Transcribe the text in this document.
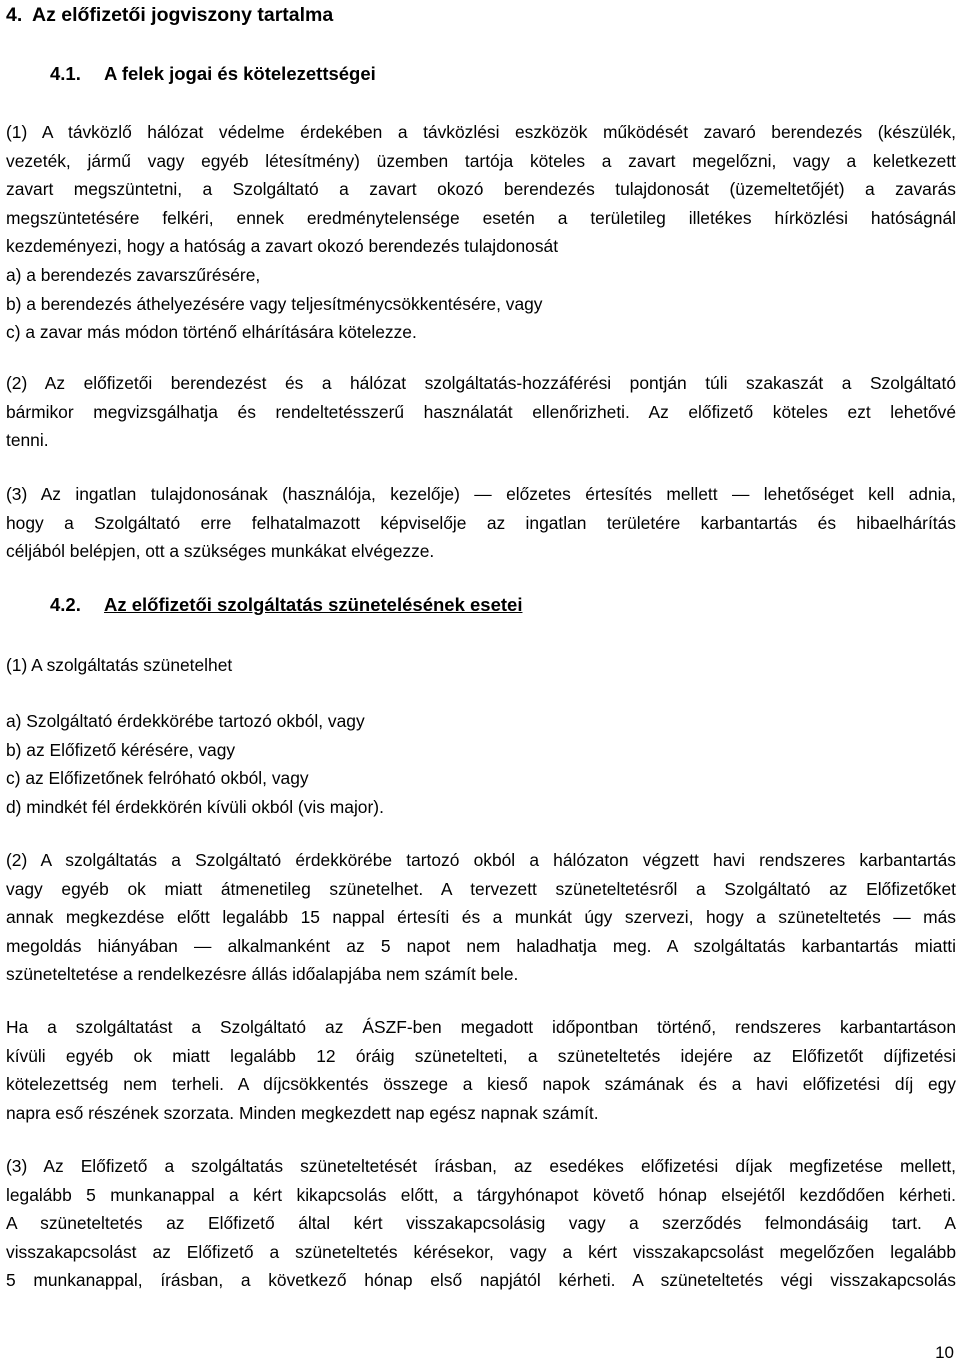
4. Az előfizetői jogviszony tartalma
4.1. A felek jogai és kötelezettségei
(1) A távközlő hálózat védelme érdekében a távközlési eszközök működését zavaró berendezés (készülék,
vezeték, jármű vagy egyéb létesítmény) üzemben tartója köteles a zavart megelőzni, vagy a keletkezett
zavart megszüntetni, a Szolgáltató a zavart okozó berendezés tulajdonosát (üzemeltetőjét) a zavarás
megszüntetésére felkéri, ennek eredménytelensége esetén a területileg illetékes hírközlési hatóságnál
kezdeményezi, hogy a hatóság a zavart okozó berendezés tulajdonosát
a) a berendezés zavarszűrésére,
b) a berendezés áthelyezésére vagy teljesítménycsökkentésére, vagy
c) a zavar más módon történő elhárítására kötelezze.
(2) Az előfizetői berendezést és a hálózat szolgáltatás-hozzáférési pontján túli szakaszát a Szolgáltató
bármikor megvizsgálhatja és rendeltetésszerű használatát ellenőrizheti. Az előfizető köteles ezt lehetővé
tenni.
(3) Az ingatlan tulajdonosának (használója, kezelője) — előzetes értesítés mellett — lehetőséget kell adnia,
hogy a Szolgáltató erre felhatalmazott képviselője az ingatlan területére karbantartás és hibaelhárítás
céljából belépjen, ott a szükséges munkákat elvégezze.
4.2. Az előfizetői szolgáltatás szünetelésének esetei
(1) A szolgáltatás szünetelhet
a) Szolgáltató érdekkörébe tartozó okból, vagy
b) az Előfizető kérésére, vagy
c) az Előfizetőnek felróható okból, vagy
d) mindkét fél érdekkörén kívüli okból (vis major).
(2) A szolgáltatás a Szolgáltató érdekkörébe tartozó okból a hálózaton végzett havi rendszeres karbantartás
vagy egyéb ok miatt átmenetileg szünetelhet. A tervezett szüneteltetésről a Szolgáltató az Előfizetőket
annak megkezdése előtt legalább 15 nappal értesíti és a munkát úgy szervezi, hogy a szüneteltetés — más
megoldás hiányában — alkalmanként az 5 napot nem haladhatja meg. A szolgáltatás karbantartás miatti
szüneteltetése a rendelkezésre állás időalapjába nem számít bele.
Ha a szolgáltatást a Szolgáltató az ÁSZF-ben megadott időpontban történő, rendszeres karbantartáson
kívüli egyéb ok miatt legalább 12 óráig szünetelteti, a szüneteltetés idejére az Előfizetőt díjfizetési
kötelezettség nem terheli. A díjcsökkentés összege a kieső napok számának és a havi előfizetési díj egy
napra eső részének szorzata. Minden megkezdett nap egész napnak számít.
(3) Az Előfizető a szolgáltatás szüneteltetését írásban, az esedékes előfizetési díjak megfizetése mellett,
legalább 5 munkanappal a kért kikapcsolás előtt, a tárgyhónapot követő hónap elsejétől kezdődően kérheti.
A szüneteltetés az Előfizető által kért visszakapcsolásig vagy a szerződés felmondásáig tart. A
visszakapcsolást az Előfizető a szüneteltetés kérésekor, vagy a kért visszakapcsolást megelőzően legalább
5 munkanappal, írásban, a következő hónap első napjától kérheti. A szüneteltetés végi visszakapcsolás
10
